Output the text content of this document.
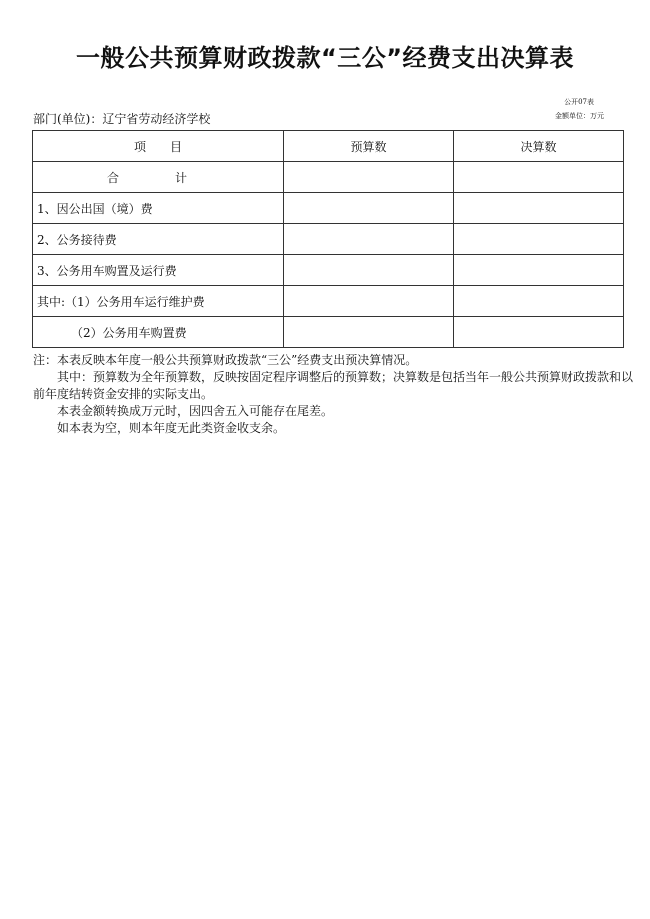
一般公共预算财政拨款“三公”经费支出决算表
公开07表
金额单位：万元
部门(单位)：辽宁省劳动经济学校
项　　目	预算数	决算数
合　计		
1、因公出国（境）费		
2、公务接待费		
3、公务用车购置及运行费		
其中:（1）公务用车运行维护费		
（2）公务用车购置费		

注：本表反映本年度一般公共预算财政拨款“三公”经费支出预决算情况。

其中：预算数为全年预算数，反映按固定程序调整后的预算数；决算数是包括当年一般公共预算财政拨款和以前年度结转资金安排的实际支出。

本表金额转换成万元时，因四舍五入可能存在尾差。

如本表为空，则本年度无此类资金收支余。
